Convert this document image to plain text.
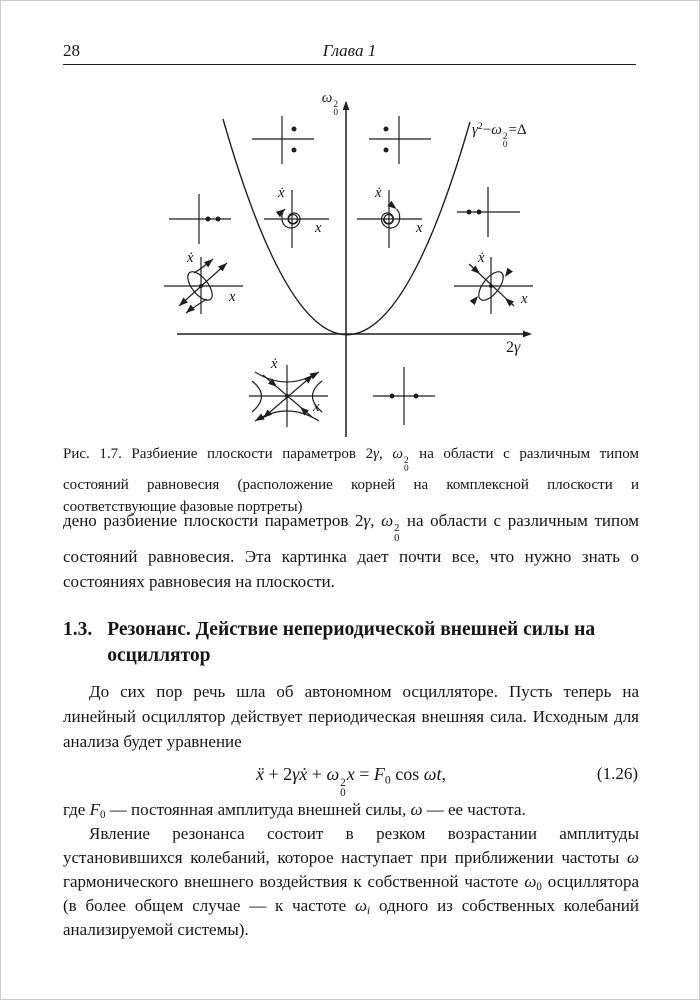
28	Глава 1
ω 2
0
2γ
$\gamma^2-\omega$ 2
0
=Δ
ẋ
x
ẋ
x
ẋ
x
ẋ
x
ẋ
x

Рис. 1.7. Разбиение плоскости параметров 2γ, ω 2
0
на области с различным типом состояний равновесия (расположение корней на комплексной плоскости и соответствующие фазовые портреты)

дено разбиение плоскости параметров 2γ, ω 2
0
на области с различным типом состояний равновесия. Эта картинка дает почти все, что нужно знать о состояниях равновесия на плоскости.

1.3. Резонанс. Действие непериодической внешней силы на осциллятор

До сих пор речь шла об автономном осцилляторе. Пусть теперь на линейный осциллятор действует периодическая внешняя сила. Исходным для анализа будет уравнение

ẍ + 2γẋ + ω 2
0
$x = F_0$ cos ωt,	(1.26)

где $F_0$ — постоянная амплитуда внешней силы, ω — ее частота.

Явление резонанса состоит в резком возрастании амплитуды установившихся колебаний, которое наступает при приближении частоты ω гармонического внешнего воздействия к собственной частоте $\omega_0$ осциллятора (в более общем случае — к частоте $\omega_i$ одного из собственных колебаний анализируемой системы).
